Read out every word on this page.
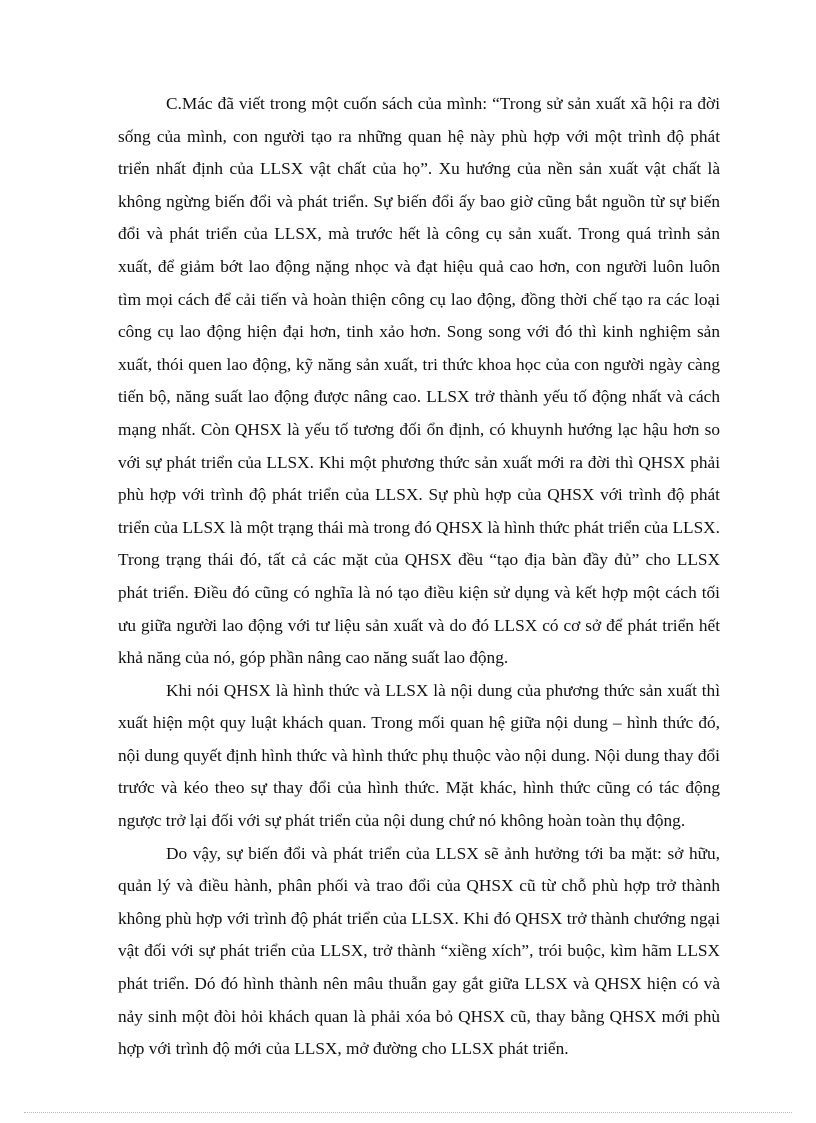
C.Mác đã viết trong một cuốn sách của mình: “Trong sử sản xuất xã hội ra đời sống của mình, con người tạo ra những quan hệ này phù hợp với một trình độ phát triển nhất định của LLSX vật chất của họ”. Xu hướng của nền sản xuất vật chất là không ngừng biến đổi và phát triển. Sự biến đổi ấy bao giờ cũng bắt nguồn từ sự biến đổi và phát triển của LLSX, mà trước hết là công cụ sản xuất. Trong quá trình sản xuất, để giảm bớt lao động nặng nhọc và đạt hiệu quả cao hơn, con người luôn luôn tìm mọi cách để cải tiến và hoàn thiện công cụ lao động, đồng thời chế tạo ra các loại công cụ lao động hiện đại hơn, tinh xảo hơn. Song song với đó thì kinh nghiệm sản xuất, thói quen lao động, kỹ năng sản xuất, tri thức khoa học của con người ngày càng tiến bộ, năng suất lao động được nâng cao. LLSX trở thành yếu tố động nhất và cách mạng nhất. Còn QHSX là yếu tố tương đối ổn định, có khuynh hướng lạc hậu hơn so với sự phát triển của LLSX. Khi một phương thức sản xuất mới ra đời thì QHSX phải phù hợp với trình độ phát triển của LLSX. Sự phù hợp của QHSX với trình độ phát triển của LLSX là một trạng thái mà trong đó QHSX là hình thức phát triển của LLSX. Trong trạng thái đó, tất cả các mặt của QHSX đều “tạo địa bàn đầy đủ” cho LLSX phát triển. Điều đó cũng có nghĩa là nó tạo điều kiện sử dụng và kết hợp một cách tối ưu giữa người lao động với tư liệu sản xuất và do đó LLSX có cơ sở để phát triển hết khả năng của nó, góp phần nâng cao năng suất lao động.

Khi nói QHSX là hình thức và LLSX là nội dung của phương thức sản xuất thì xuất hiện một quy luật khách quan. Trong mối quan hệ giữa nội dung – hình thức đó, nội dung quyết định hình thức và hình thức phụ thuộc vào nội dung. Nội dung thay đổi trước và kéo theo sự thay đổi của hình thức. Mặt khác, hình thức cũng có tác động ngược trở lại đối với sự phát triển của nội dung chứ nó không hoàn toàn thụ động.

Do vậy, sự biến đổi và phát triển của LLSX sẽ ảnh hưởng tới ba mặt: sở hữu, quản lý và điều hành, phân phối và trao đổi của QHSX cũ từ chỗ phù hợp trở thành không phù hợp với trình độ phát triển của LLSX. Khi đó QHSX trở thành chướng ngại vật đối với sự phát triển của LLSX, trở thành “xiềng xích”, trói buộc, kìm hãm LLSX phát triển. Dó đó hình thành nên mâu thuẫn gay gắt giữa LLSX và QHSX hiện có và nảy sinh một đòi hỏi khách quan là phải xóa bỏ QHSX cũ, thay bằng QHSX mới phù hợp với trình độ mới của LLSX, mở đường cho LLSX phát triển.
